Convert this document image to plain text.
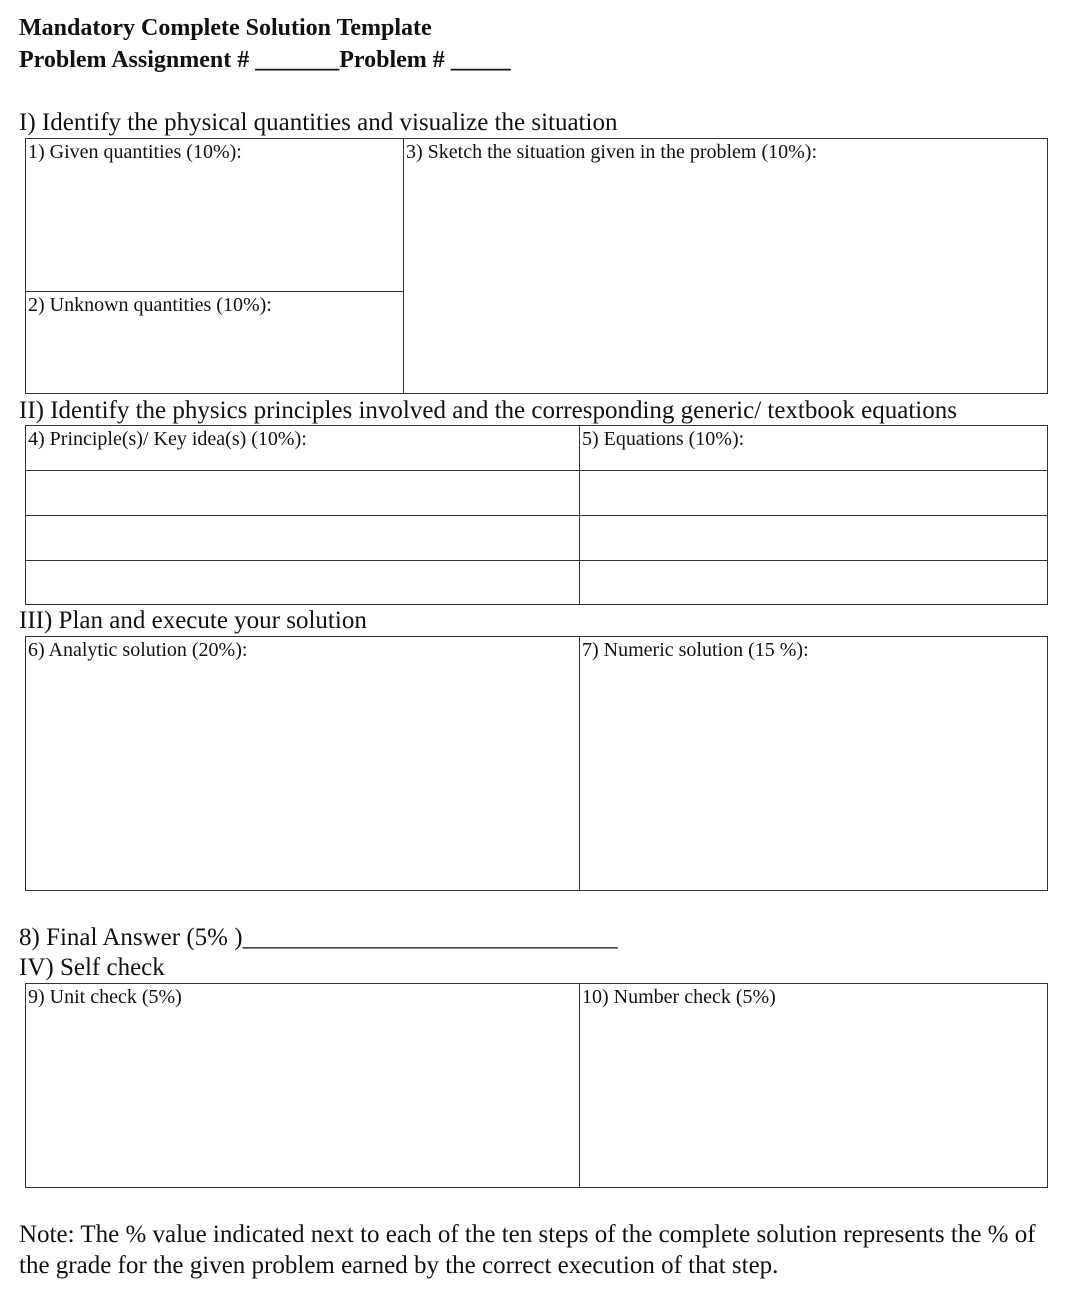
Mandatory Complete Solution Template
Problem Assignment # _______Problem # _____
I) Identify the physical quantities and visualize the situation
1) Given quantities (10%):
2) Unknown quantities (10%):
3) Sketch the situation given in the problem (10%):
II) Identify the physics principles involved and the corresponding generic/ textbook equations
4) Principle(s)/ Key idea(s) (10%):	5) Equations (10%):
III) Plan and execute your solution
6) Analytic solution (20%):	7) Numeric solution (15 %):
8) Final Answer (5% )______________________________
IV) Self check
9) Unit check (5%)	10) Number check (5%)
Note: The % value indicated next to each of the ten steps of the complete solution represents the % of the grade for the given problem earned by the correct execution of that step.
